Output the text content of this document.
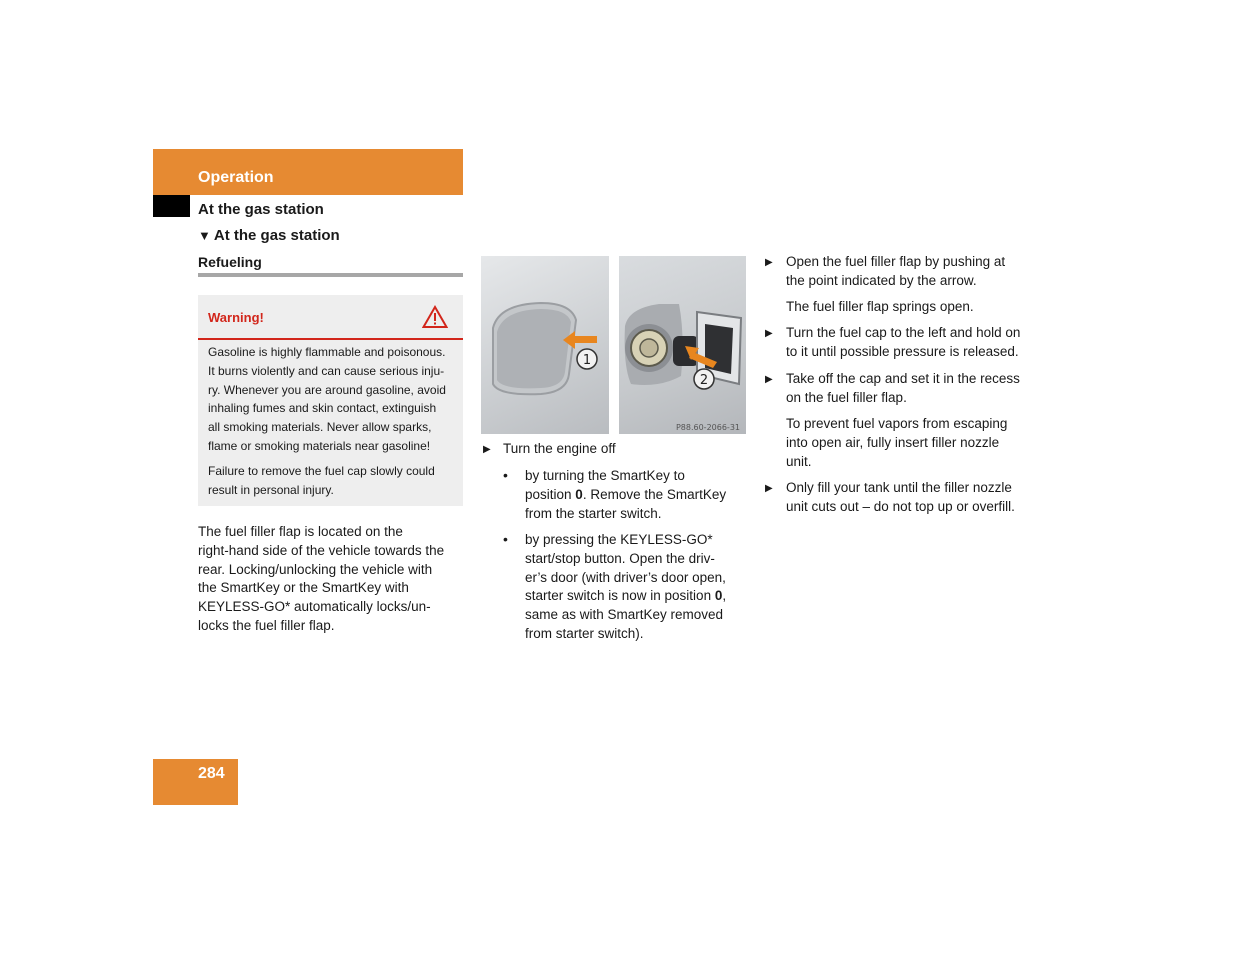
Operation
At the gas station
▼ At the gas station
Refueling
Warning!
Gasoline is highly flammable and poisonous.
It burns violently and can cause serious inju-
ry. Whenever you are around gasoline, avoid
inhaling fumes and skin contact, extinguish
all smoking materials. Never allow sparks,
flame or smoking materials near gasoline!
Failure to remove the fuel cap slowly could
result in personal injury.
The fuel filler flap is located on the
right-hand side of the vehicle towards the
rear. Locking/unlocking the vehicle with
the SmartKey or the SmartKey with
KEYLESS-GO* automatically locks/un-
locks the fuel filler flap.
1
2
P88.60-2066-31
▶ Turn the engine off
• by turning the SmartKey to
position 0. Remove the SmartKey
from the starter switch.
• by pressing the KEYLESS-GO*
start/stop button. Open the driv-
er’s door (with driver’s door open,
starter switch is now in position 0,
same as with SmartKey removed
from starter switch).
▶ Open the fuel filler flap by pushing at
the point indicated by the arrow.
The fuel filler flap springs open.
▶ Turn the fuel cap to the left and hold on
to it until possible pressure is released.
▶ Take off the cap and set it in the recess
on the fuel filler flap.
To prevent fuel vapors from escaping
into open air, fully insert filler nozzle
unit.
▶ Only fill your tank until the filler nozzle
unit cuts out – do not top up or overfill.
284
